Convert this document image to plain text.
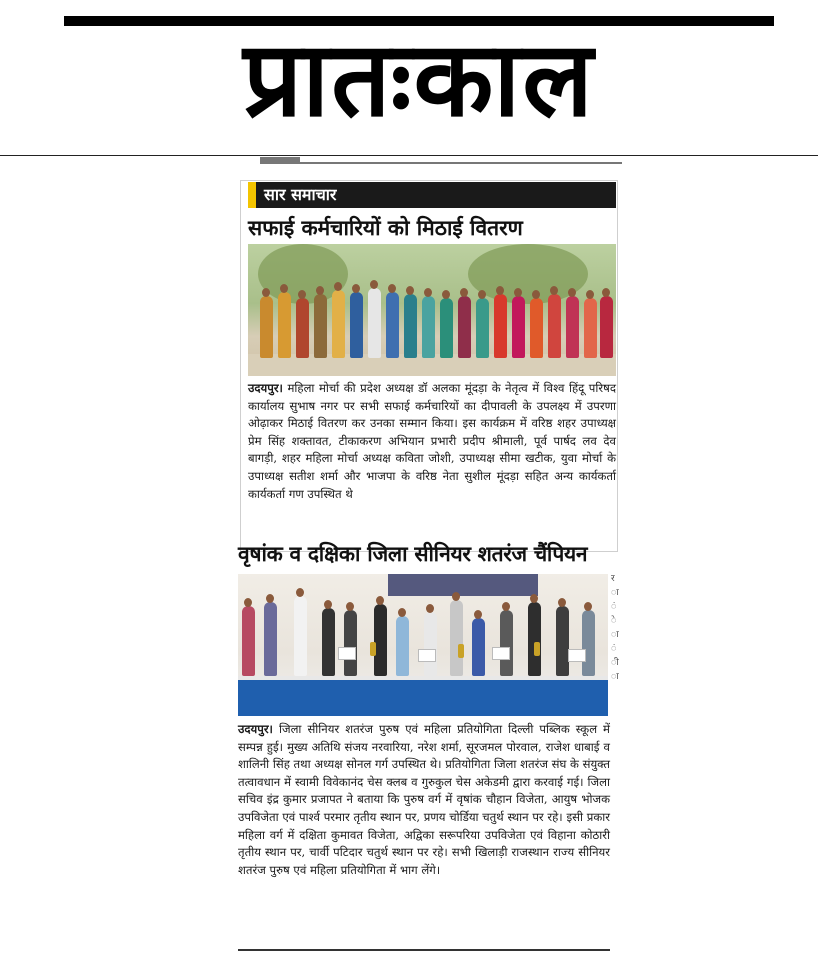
प्रातःकाल
सार समाचार
सफाई कर्मचारियों को मिठाई वितरण

उदयपुर। महिला मोर्चा की प्रदेश अध्यक्ष डॉ अलका मूंदड़ा के नेतृत्व में विश्व हिंदू परिषद कार्यालय सुभाष नगर पर सभी सफाई कर्मचारियों का दीपावली के उपलक्ष्य में उपरणा ओढ़ाकर मिठाई वितरण कर उनका सम्मान किया। इस कार्यक्रम में वरिष्ठ शहर उपाध्यक्ष प्रेम सिंह शक्तावत, टीकाकरण अभियान प्रभारी प्रदीप श्रीमाली, पूर्व पार्षद लव देव बागड़ी, शहर महिला मोर्चा अध्यक्ष कविता जोशी, उपाध्यक्ष सीमा खटीक, युवा मोर्चा के उपाध्यक्ष सतीश शर्मा और भाजपा के वरिष्ठ नेता सुशील मूंदड़ा सहित अन्य कार्यकर्ता कार्यकर्ता गण उपस्थित थे

वृषांक व दक्षिका जिला सीनियर शतरंज चैंपियन

उदयपुर। जिला सीनियर शतरंज पुरुष एवं महिला प्रतियोगिता दिल्ली पब्लिक स्कूल में सम्पन्न हुई। मुख्य अतिथि संजय नरवारिया, नरेश शर्मा, सूरजमल पोरवाल, राजेश धाबाई व शालिनी सिंह तथा अध्यक्ष सोनल गर्ग उपस्थित थे। प्रतियोगिता जिला शतरंज संघ के संयुक्त तत्वावधान में स्वामी विवेकानंद चेस क्लब व गुरुकुल चेस अकेडमी द्वारा करवाई गई। जिला सचिव इंद्र कुमार प्रजापत ने बताया कि पुरुष वर्ग में वृषांक चौहान विजेता, आयुष भोजक उपविजेता एवं पार्श्व परमार तृतीय स्थान पर, प्रणय चोर्डिया चतुर्थ स्थान पर रहे। इसी प्रकार महिला वर्ग में दक्षिता कुमावत विजेता, अद्विका सरूपरिया उपविजेता एवं विहाना कोठारी तृतीय स्थान पर, चार्वी पटिदार चतुर्थ स्थान पर रहे। सभी खिलाड़ी राजस्थान राज्य सीनियर शतरंज पुरुष एवं महिला प्रतियोगिता में भाग लेंगे।

र
ा
ं
े
ा
ं
ी
ा
